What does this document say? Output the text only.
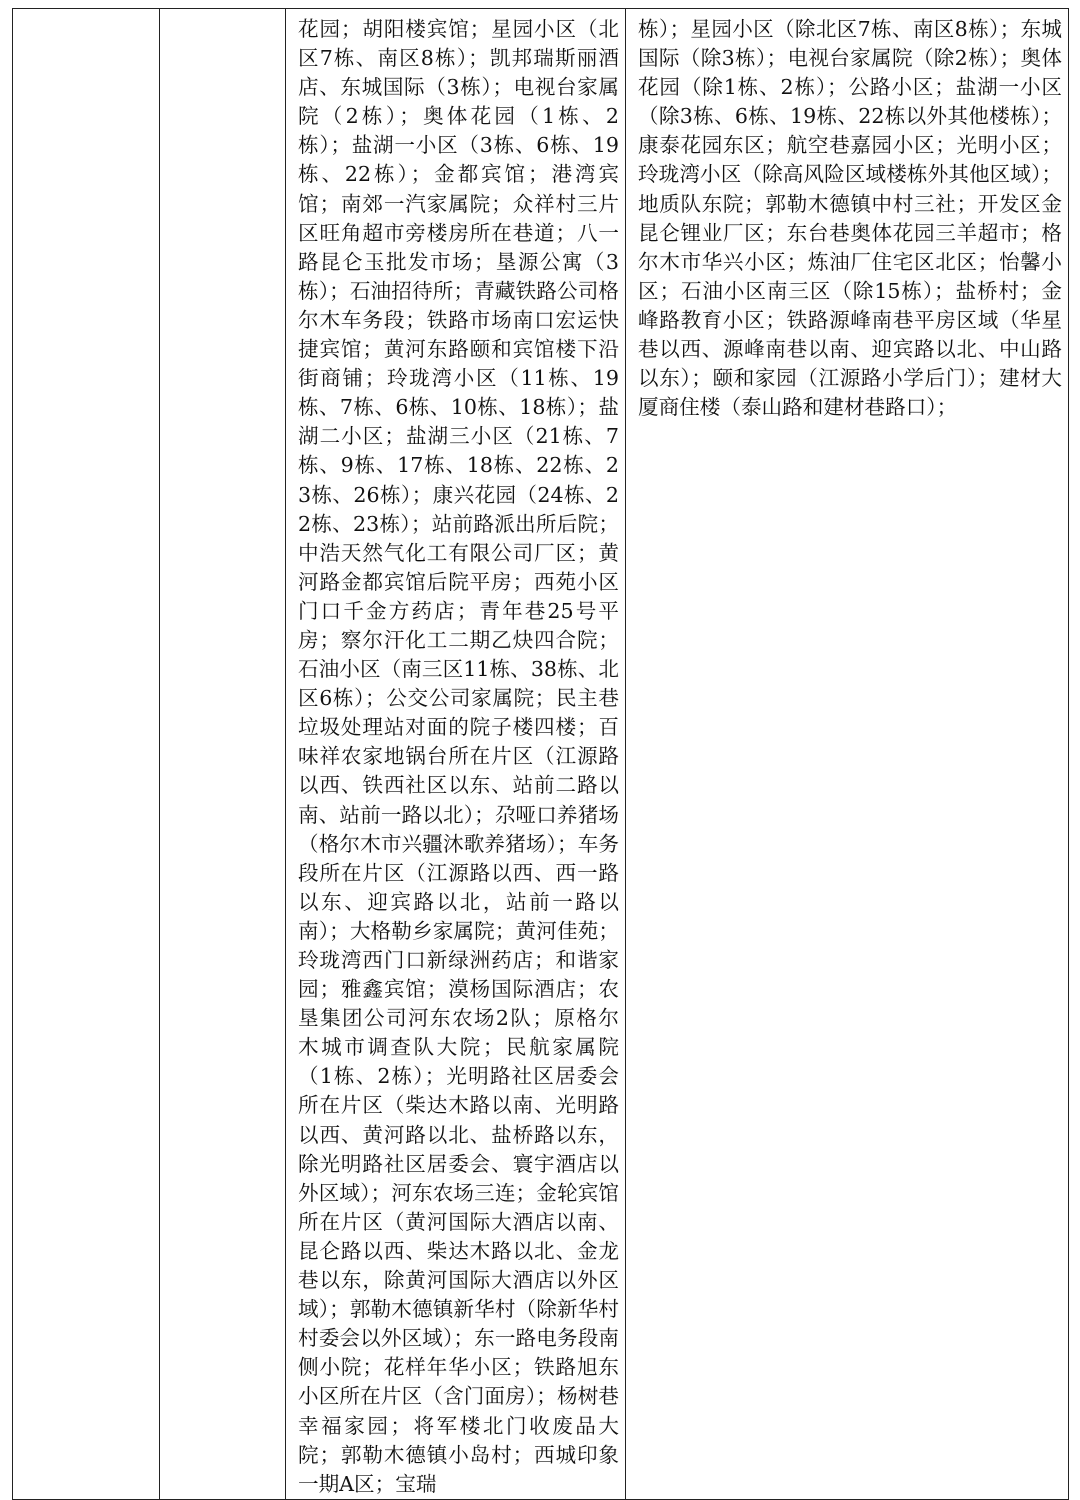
		花园；胡阳楼宾馆；星园小区（北区7栋、南区8栋）；凯邦瑞斯丽酒店、东城国际（3栋）；电视台家属院（2栋）；奥体花园（1栋、2栋）；盐湖一小区（3栋、6栋、19栋、22栋）；金都宾馆；港湾宾馆；南郊一汽家属院；众祥村三片区旺角超市旁楼房所在巷道；八一路昆仑玉批发市场；垦源公寓（3栋）；石油招待所；青藏铁路公司格尔木车务段；铁路市场南口宏运快捷宾馆；黄河东路颐和宾馆楼下沿街商铺；玲珑湾小区（11栋、19栋、7栋、6栋、10栋、18栋）；盐湖二小区；盐湖三小区（21栋、7栋、9栋、17栋、18栋、22栋、23栋、26栋）；康兴花园（24栋、22栋、23栋）；站前路派出所后院；中浩天然气化工有限公司厂区；黄河路金都宾馆后院平房；西苑小区门口千金方药店；青年巷25号平房；察尔汗化工二期乙炔四合院；石油小区（南三区11栋、38栋、北区6栋）；公交公司家属院；民主巷垃圾处理站对面的院子楼四楼；百味祥农家地锅台所在片区（江源路以西、铁西社区以东、站前二路以南、站前一路以北）；尕哑口养猪场（格尔木市兴疆沐歌养猪场）；车务段所在片区（江源路以西、西一路以东、迎宾路以北，站前一路以南）；大格勒乡家属院；黄河佳苑；玲珑湾西门口新绿洲药店；和谐家园；雅鑫宾馆；漠杨国际酒店；农垦集团公司河东农场2队；原格尔木城市调查队大院；民航家属院（1栋、2栋）；光明路社区居委会所在片区（柴达木路以南、光明路以西、黄河路以北、盐桥路以东，除光明路社区居委会、寰宇酒店以外区域）；河东农场三连；金轮宾馆所在片区（黄河国际大酒店以南、昆仑路以西、柴达木路以北、金龙巷以东，除黄河国际大酒店以外区域）；郭勒木德镇新华村（除新华村村委会以外区域）；东一路电务段南侧小院；花样年华小区；铁路旭东小区所在片区（含门面房）；杨树巷幸福家园；将军楼北门收废品大院；郭勒木德镇小岛村；西城印象一期A区；宝瑞	栋）；星园小区（除北区7栋、南区8栋）；东城国际（除3栋）；电视台家属院（除2栋）；奥体花园（除1栋、2栋）；公路小区；盐湖一小区（除3栋、6栋、19栋、22栋以外其他楼栋）；康泰花园东区；航空巷嘉园小区；光明小区；玲珑湾小区（除高风险区域楼栋外其他区域）；地质队东院；郭勒木德镇中村三社；开发区金昆仑锂业厂区；东台巷奥体花园三羊超市；格尔木市华兴小区；炼油厂住宅区北区；怡馨小区；石油小区南三区（除15栋）；盐桥村；金峰路教育小区；铁路源峰南巷平房区域（华星巷以西、源峰南巷以南、迎宾路以北、中山路以东）；颐和家园（江源路小学后门）；建材大厦商住楼（泰山路和建材巷路口）；
